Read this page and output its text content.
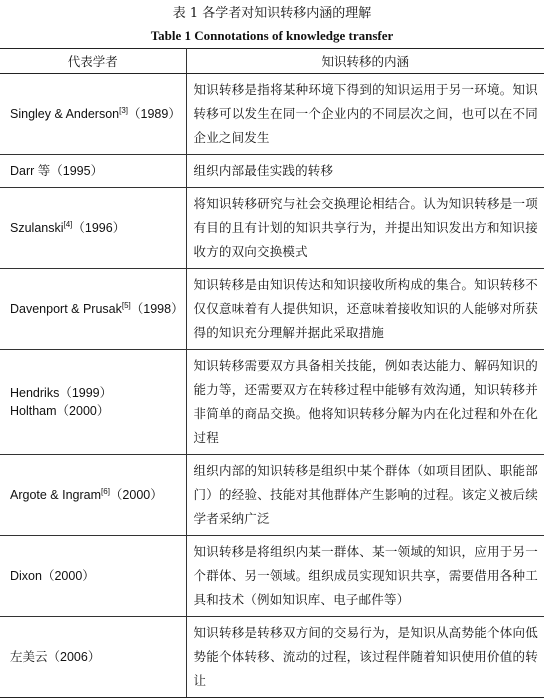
表 1 各学者对知识转移内涵的理解
Table 1 Connotations of knowledge transfer
代表学者	知识转移的内涵

Singley & Anderson[3]（1989）	知识转移是指将某种环境下得到的知识运用于另一环境。知识转移可以发生在同一个企业内的不同层次之间，也可以在不同企业之间发生

Darr 等（1995）	组织内部最佳实践的转移

Szulanski[4]（1996）	将知识转移研究与社会交换理论相结合。认为知识转移是一项有目的且有计划的知识共享行为，并提出知识发出方和知识接收方的双向交换模式

Davenport & Prusak[5]（1998）	知识转移是由知识传达和知识接收所构成的集合。知识转移不仅仅意味着有人提供知识，还意味着接收知识的人能够对所获得的知识充分理解并据此采取措施

Hendriks（1999）
Holtham（2000）	知识转移需要双方具备相关技能，例如表达能力、解码知识的能力等，还需要双方在转移过程中能够有效沟通，知识转移并非简单的商品交换。他将知识转移分解为内在化过程和外在化过程

Argote & Ingram[6]（2000）	组织内部的知识转移是组织中某个群体（如项目团队、职能部门）的经验、技能对其他群体产生影响的过程。该定义被后续学者采纳广泛

Dixon（2000）	知识转移是将组织内某一群体、某一领域的知识，应用于另一个群体、另一领域。组织成员实现知识共享，需要借用各种工具和技术（例如知识库、电子邮件等）

左美云（2006）	知识转移是转移双方间的交易行为，是知识从高势能个体向低势能个体转移、流动的过程，该过程伴随着知识使用价值的转让
